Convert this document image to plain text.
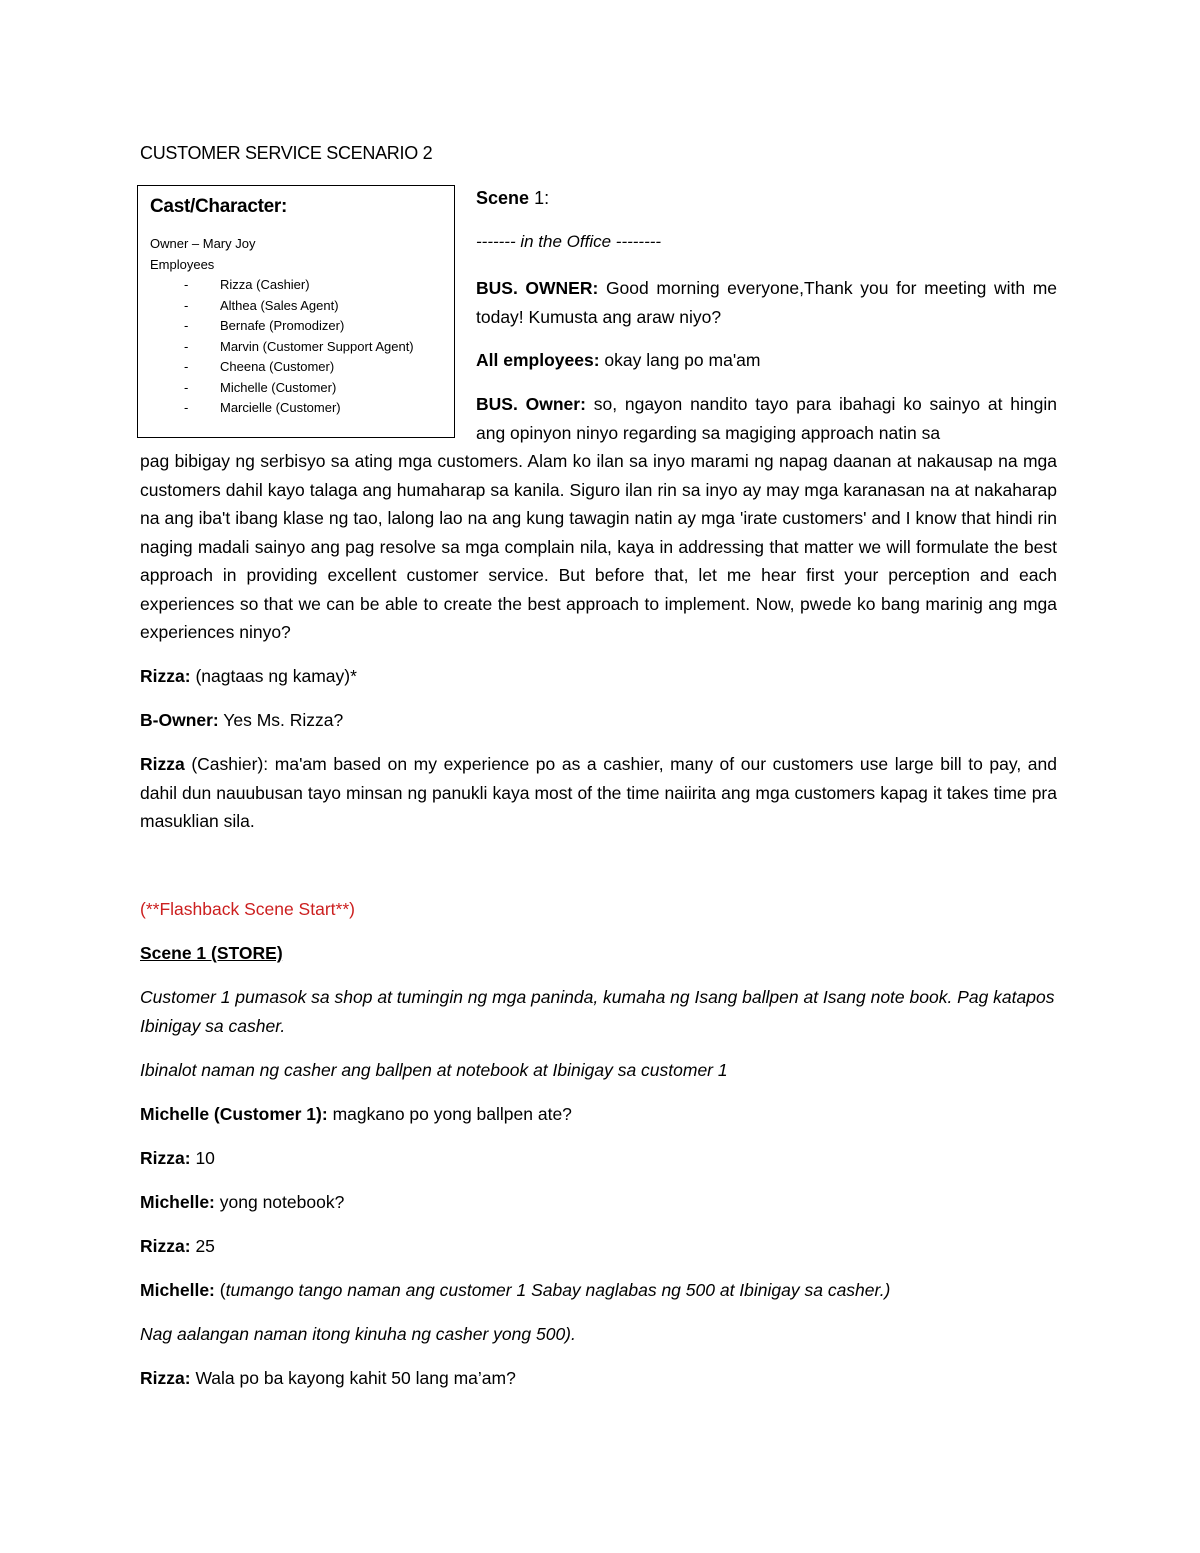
CUSTOMER SERVICE SCENARIO 2
Cast/Character:
Owner – Mary Joy
Employees
- Rizza (Cashier)
- Althea (Sales Agent)
- Bernafe (Promodizer)
- Marvin (Customer Support Agent)
- Cheena (Customer)
- Michelle (Customer)
- Marcielle (Customer)
Scene 1:
------- in the Office --------
BUS. OWNER: Good morning everyone,Thank you for meeting with me today! Kumusta ang araw niyo?
All employees: okay lang po ma'am
BUS. Owner: so, ngayon nandito tayo para ibahagi ko sainyo at hingin ang opinyon ninyo regarding sa magiging approach natin sa
pag bibigay ng serbisyo sa ating mga customers. Alam ko ilan sa inyo marami ng napag daanan at nakausap na mga customers dahil kayo talaga ang humaharap sa kanila. Siguro ilan rin sa inyo ay may mga karanasan na at nakaharap na ang iba't ibang klase ng tao, lalong lao na ang kung tawagin natin ay mga 'irate customers' and I know that hindi rin naging madali sainyo ang pag resolve sa mga complain nila, kaya in addressing that matter we will formulate the best approach in providing excellent customer service. But before that, let me hear first your perception and each experiences so that we can be able to create the best approach to implement. Now, pwede ko bang marinig ang mga experiences ninyo?
Rizza: (nagtaas ng kamay)*
B-Owner: Yes Ms. Rizza?
Rizza (Cashier): ma'am based on my experience po as a cashier, many of our customers use large bill to pay, and dahil dun nauubusan tayo minsan ng panukli kaya most of the time naiirita ang mga customers kapag it takes time pra masuklian sila.
(**Flashback Scene Start**)
Scene 1 (STORE)
Customer 1 pumasok sa shop at tumingin ng mga paninda, kumaha ng Isang ballpen at Isang note book. Pag katapos Ibinigay sa casher.
Ibinalot naman ng casher ang ballpen at notebook at Ibinigay sa customer 1
Michelle (Customer 1): magkano po yong ballpen ate?
Rizza: 10
Michelle: yong notebook?
Rizza: 25
Michelle: (tumango tango naman ang customer 1 Sabay naglabas ng 500 at Ibinigay sa casher.)
Nag aalangan naman itong kinuha ng casher yong 500).
Rizza: Wala po ba kayong kahit 50 lang ma’am?
